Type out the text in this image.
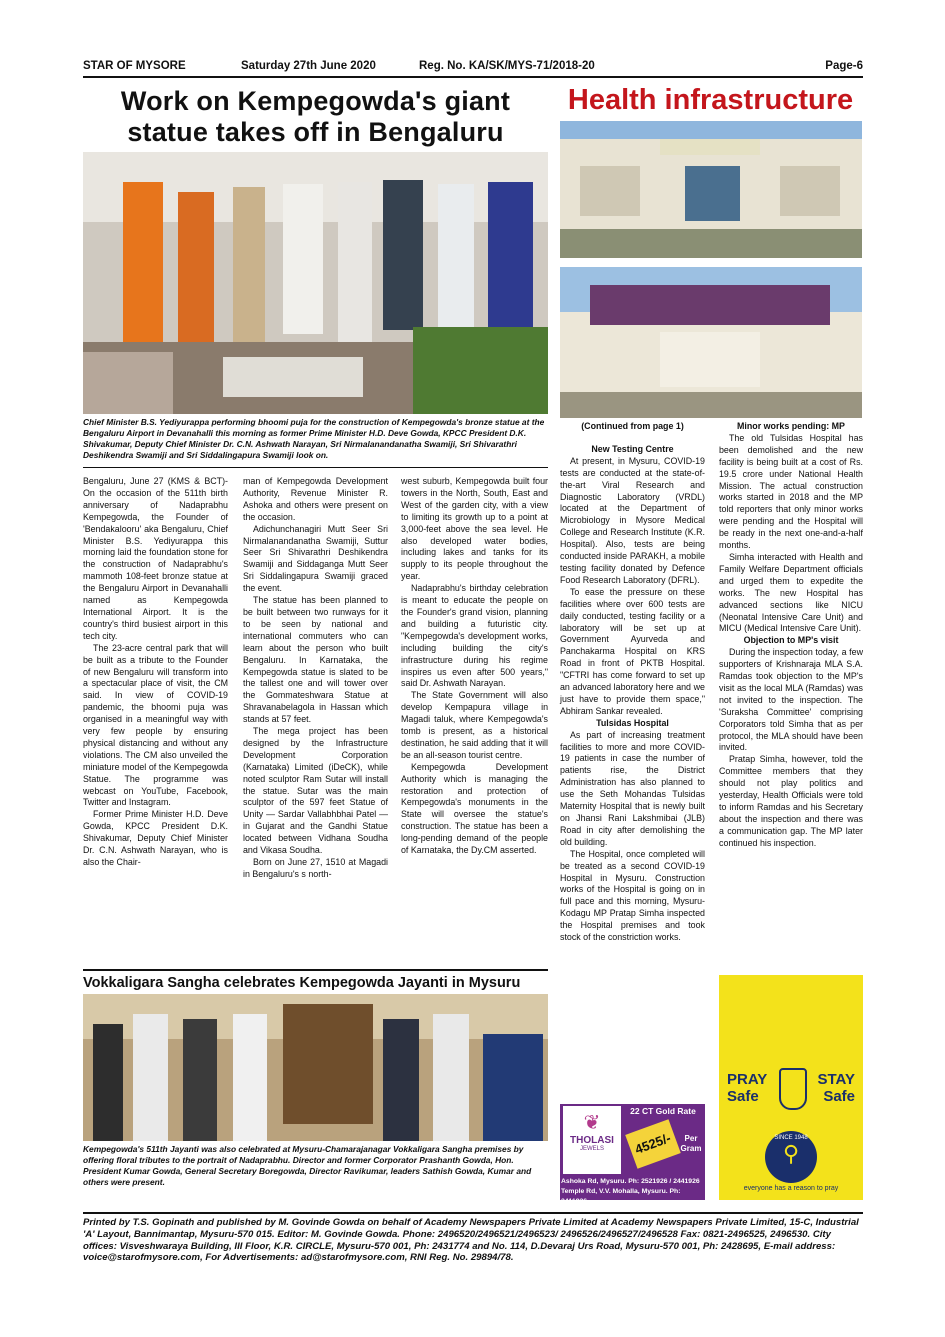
STAR OF MYSORE	Saturday 27th June 2020	Reg. No. KA/SK/MYS-71/2018-20	Page-6
Work on Kempegowda's giant statue takes off in Bengaluru
Health infrastructure
Chief Minister B.S. Yediyurappa performing bhoomi puja for the construction of Kempegowda's bronze statue at the Bengaluru Airport in Devanahalli this morning as former Prime Minister H.D. Deve Gowda, KPCC President D.K. Shivakumar, Deputy Chief Minister Dr. C.N. Ashwath Narayan, Sri Nirmalanandanatha Swamiji, Sri Shivarathri Deshikendra Swamiji and Sri Siddalingapura Swamiji look on.

Bengaluru, June 27 (KMS & BCT)- On the occasion of the 511th birth anniversary of Nadaprabhu Kempegowda, the Founder of 'Bendakalooru' aka Bengaluru, Chief Minister B.S. Yediyurappa this morning laid the foundation stone for the construction of Nadaprabhu's mammoth 108-feet bronze statue at the Bengaluru Airport in Devanahalli named as Kempegowda International Airport. It is the country's third busiest airport in this tech city.

The 23-acre central park that will be built as a tribute to the Founder of new Bengaluru will transform into a spectacular place of visit, the CM said. In view of COVID-19 pandemic, the bhoomi puja was organised in a meaningful way with very few people by ensuring physical distancing and without any violations. The CM also unveiled the miniature model of the Kempegowda Statue. The programme was webcast on YouTube, Facebook, Twitter and Instagram.

Former Prime Minister H.D. Deve Gowda, KPCC President D.K. Shivakumar, Deputy Chief Minister Dr. C.N. Ashwath Narayan, who is also the Chair-

man of Kempegowda Development Authority, Revenue Minister R. Ashoka and others were present on the occasion.

Adichunchanagiri Mutt Seer Sri Nirmalanandanatha Swamiji, Suttur Seer Sri Shivarathri Deshikendra Swamiji and Siddaganga Mutt Seer Sri Siddalingapura Swamiji graced the event.

The statue has been planned to be built between two runways for it to be seen by national and international commuters who can learn about the person who built Bengaluru. In Karnataka, the Kempegowda statue is slated to be the tallest one and will tower over the Gommateshwara Statue at Shravanabelagola in Hassan which stands at 57 feet.

The mega project has been designed by the Infrastructure Development Corporation (Karnataka) Limited (iDeCK), while noted sculptor Ram Sutar will install the statue. Sutar was the main sculptor of the 597 feet Statue of Unity — Sardar Vallabhbhai Patel — in Gujarat and the Gandhi Statue located between Vidhana Soudha and Vikasa Soudha.

Born on June 27, 1510 at Magadi in Bengaluru's s north-

west suburb, Kempegowda built four towers in the North, South, East and West of the garden city, with a view to limiting its growth up to a point at 3,000-feet above the sea level. He also developed water bodies, including lakes and tanks for its supply to its people throughout the year.

Nadaprabhu's birthday celebration is meant to educate the people on the Founder's grand vision, planning and building a futuristic city. "Kempegowda's development works, including building the city's infrastructure during his regime inspires us even after 500 years," said Dr. Ashwath Narayan.

The State Government will also develop Kempapura village in Magadi taluk, where Kempegowda's tomb is present, as a historical destination, he said adding that it will be an all-season tourist centre.

Kempegowda Development Authority which is managing the restoration and protection of Kempegowda's monuments in the State will oversee the statue's construction. The statue has been a long-pending demand of the people of Karnataka, the Dy.CM asserted.

Vokkaligara Sangha celebrates Kempegowda Jayanti in Mysuru
Kempegowda's 511th Jayanti was also celebrated at Mysuru-Chamarajanagar Vokkaligara Sangha premises by offering floral tributes to the portrait of Nadaprabhu. Director and former Corporator Prashanth Gowda, Hon. President Kumar Gowda, General Secretary Boregowda, Director Ravikumar, leaders Sathish Gowda, Kumar and others were present.

(Continued from page 1)

New Testing Centre

At present, in Mysuru, COVID-19 tests are conducted at the state-of-the-art Viral Research and Diagnostic Laboratory (VRDL) located at the Department of Microbiology in Mysore Medical College and Research Institute (K.R. Hospital). Also, tests are being conducted inside PARAKH, a mobile testing facility donated by Defence Food Research Laboratory (DFRL).

To ease the pressure on these facilities where over 600 tests are daily conducted, testing facility or a laboratory will be set up at Government Ayurveda and Panchakarma Hospital on KRS Road in front of PKTB Hospital. "CFTRI has come forward to set up an advanced laboratory here and we just have to provide them space," Abhiram Sankar revealed.

Tulsidas Hospital

As part of increasing treatment facilities to more and more COVID-19 patients in case the number of patients rise, the District Administration has also planned to use the Seth Mohandas Tulsidas Maternity Hospital that is newly built on Jhansi Rani Lakshmibai (JLB) Road in city after demolishing the old building.

The Hospital, once completed will be treated as a second COVID-19 Hospital in Mysuru. Construction works of the Hospital is going on in full pace and this morning, Mysuru-Kodagu MP Pratap Simha inspected the Hospital premises and took stock of the constriction works.

Minor works pending: MP

The old Tulsidas Hospital has been demolished and the new facility is being built at a cost of Rs. 19.5 crore under National Health Mission. The actual construction works started in 2018 and the MP told reporters that only minor works were pending and the Hospital will be ready in the next one-and-a-half months.

Simha interacted with Health and Family Welfare Department officials and urged them to expedite the works. The new Hospital has advanced sections like NICU (Neonatal Intensive Care Unit) and MICU (Medical Intensive Care Unit).

Objection to MP's visit

During the inspection today, a few supporters of Krishnaraja MLA S.A. Ramdas took objection to the MP's visit as the local MLA (Ramdas) was not invited to the inspection. The 'Suraksha Committee' comprising Corporators told Simha that as per protocol, the MLA should have been invited.

Pratap Simha, however, told the Committee members that they should not play politics and yesterday, Health Officials were told to inform Ramdas and his Secretary about the inspection and there was a communication gap. The MP later continued his inspection.

❦
THOLASI
JEWELS
22 CT Gold Rate
4525/-	Per Gram
Ashoka Rd, Mysuru. Ph: 2521926 / 2441926
Temple Rd, V.V. Mohalla, Mysuru. Ph: 2411926
PRAY	STAY
Safe	Safe
SINCE 1948
⚲
everyone has a reason to pray
Printed by T.S. Gopinath and published by M. Govinde Gowda on behalf of Academy Newspapers Private Limited at Academy Newspapers Private Limited, 15-C, Industrial 'A' Layout, Bannimantap, Mysuru-570 015. Editor: M. Govinde Gowda. Phone: 2496520/2496521/2496523/ 2496526/2496527/2496528 Fax: 0821-2496525, 2496530. City offices: Visveshwaraya Building, III Floor, K.R. CIRCLE, Mysuru-570 001, Ph: 2431774 and No. 114, D.Devaraj Urs Road, Mysuru-570 001, Ph: 2428695, E-mail address: voice@starofmysore.com, For Advertisements: ad@starofmysore.com, RNI Reg. No. 29894/78.
